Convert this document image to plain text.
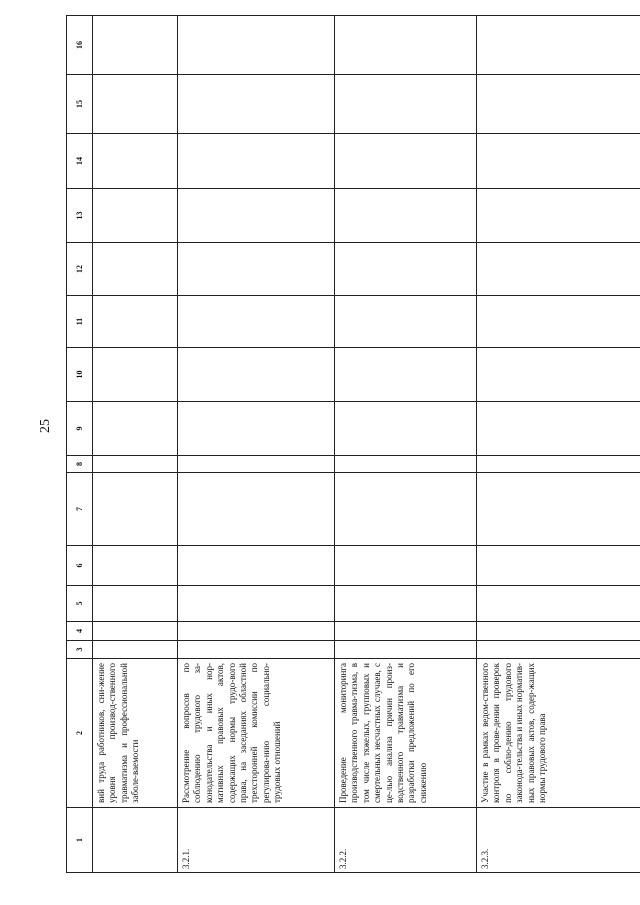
25
1	2	3	4	5	6	7	8	9	10	11	12	13	14	15	16
	вий труда работников, сни-жение уровня производ-ственного травматизма и профессиональной заболе-ваемости														
3.2.1.	Рассмотрение вопросов по соблюдению трудового за-конодательства и иных нор-мативных правовых актов, содержащих нормы трудо-вого права, на заседаниях областной трехсторонней комиссии по регулирова-нию социально-трудовых отношений														
3.2.2.	Проведение мониторинга производственного травма-тизма, в том числе тяжелых, групповых и смертельных несчастных случаев, с це-лью анализа причин произ-водственного травматизма и разработки предложений по его снижению														
3.2.3.	Участие в рамках ведом-ственного контроля в прове-дении проверок по соблю-дению трудового законода-тельства и иных норматив-ных правовых актов, содер-жащих нормы трудового права														
